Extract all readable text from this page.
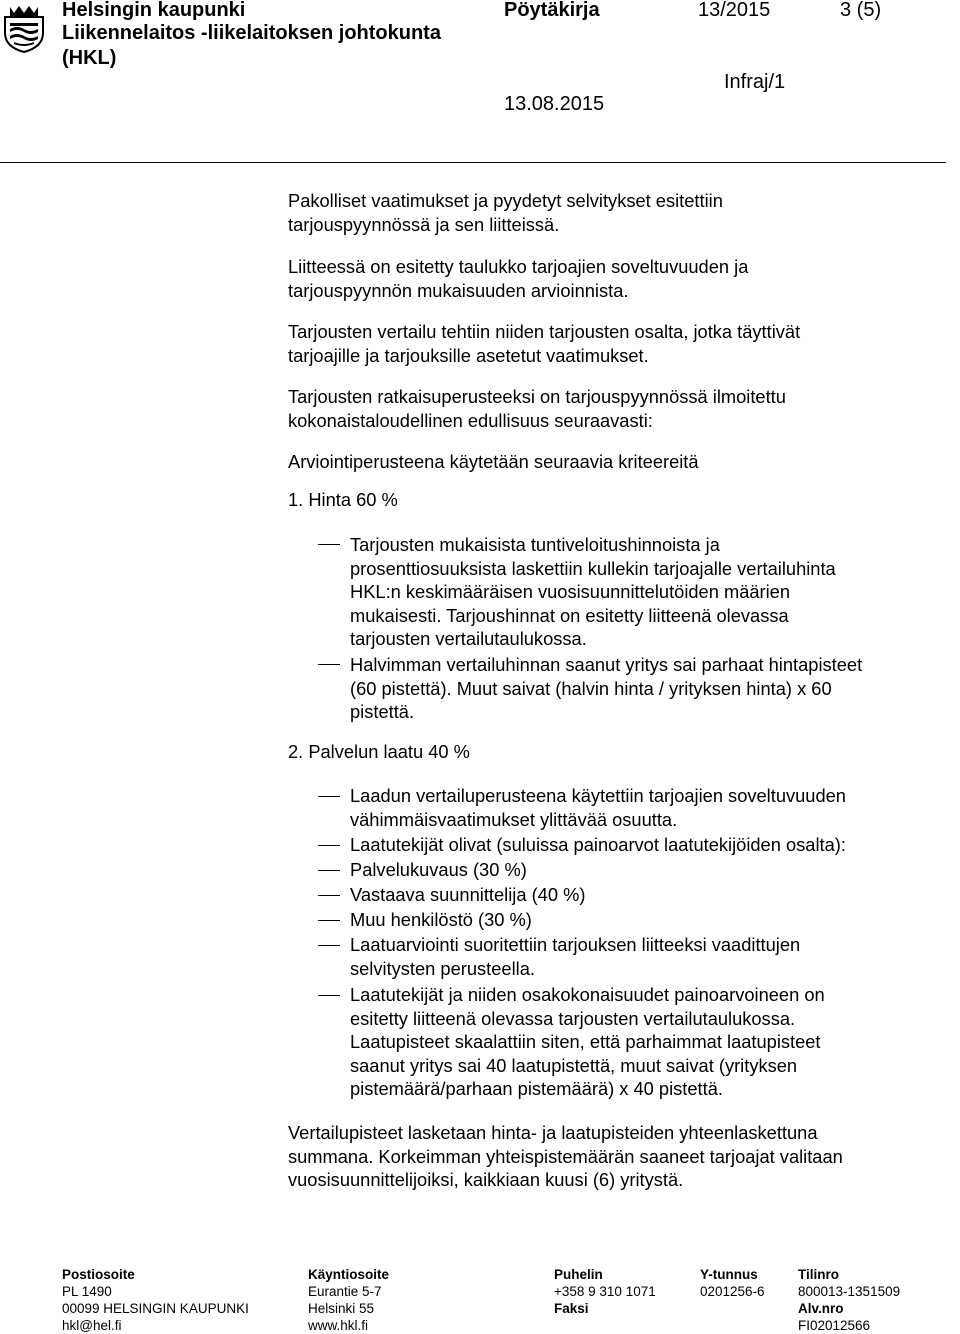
Helsingin kaupunki
Liikennelaitos -liikelaitoksen johtokunta
(HKL)
Pöytäkirja	13/2015	3 (5)
Infraj/1
13.08.2015
Pakolliset vaatimukset ja pyydetyt selvitykset esitettiin
tarjouspyynnössä ja sen liitteissä.
Liitteessä on esitetty taulukko tarjoajien soveltuvuuden ja
tarjouspyynnön mukaisuuden arvioinnista.
Tarjousten vertailu tehtiin niiden tarjousten osalta, jotka täyttivät
tarjoajille ja tarjouksille asetetut vaatimukset.
Tarjousten ratkaisuperusteeksi on tarjouspyynnössä ilmoitettu
kokonaistaloudellinen edullisuus seuraavasti:
Arviointiperusteena käytetään seuraavia kriteereitä
1. Hinta 60 %
Tarjousten mukaisista tuntiveloitushinnoista ja
prosenttiosuuksista laskettiin kullekin tarjoajalle vertailuhinta
HKL:n keskimääräisen vuosisuunnittelutöiden määrien
mukaisesti. Tarjoushinnat on esitetty liitteenä olevassa
tarjousten vertailutaulukossa.
Halvimman vertailuhinnan saanut yritys sai parhaat hintapisteet
(60 pistettä). Muut saivat (halvin hinta / yrityksen hinta) x 60
pistettä.
2. Palvelun laatu 40 %
Laadun vertailuperusteena käytettiin tarjoajien soveltuvuuden
vähimmäisvaatimukset ylittävää osuutta.
Laatutekijät olivat (suluissa painoarvot laatutekijöiden osalta):
Palvelukuvaus (30 %)
Vastaava suunnittelija (40 %)
Muu henkilöstö (30 %)
Laatuarviointi suoritettiin tarjouksen liitteeksi vaadittujen
selvitysten perusteella.
Laatutekijät ja niiden osakokonaisuudet painoarvoineen on
esitetty liitteenä olevassa tarjousten vertailutaulukossa.
Laatupisteet skaalattiin siten, että parhaimmat laatupisteet
saanut yritys sai 40 laatupistettä, muut saivat (yrityksen
pistemäärä/parhaan pistemäärä) x 40 pistettä.
Vertailupisteet lasketaan hinta- ja laatupisteiden yhteenlaskettuna
summana. Korkeimman yhteispistemäärän saaneet tarjoajat valitaan
vuosisuunnittelijoiksi, kaikkiaan kuusi (6) yritystä.
Postiosoite
PL 1490
00099 HELSINGIN KAUPUNKI
hkl@hel.fi
Käyntiosoite
Eurantie 5-7
Helsinki 55
www.hkl.fi
Puhelin
+358 9 310 1071
Faksi
Y-tunnus
0201256-6
Tilinro
800013-1351509
Alv.nro
FI02012566
